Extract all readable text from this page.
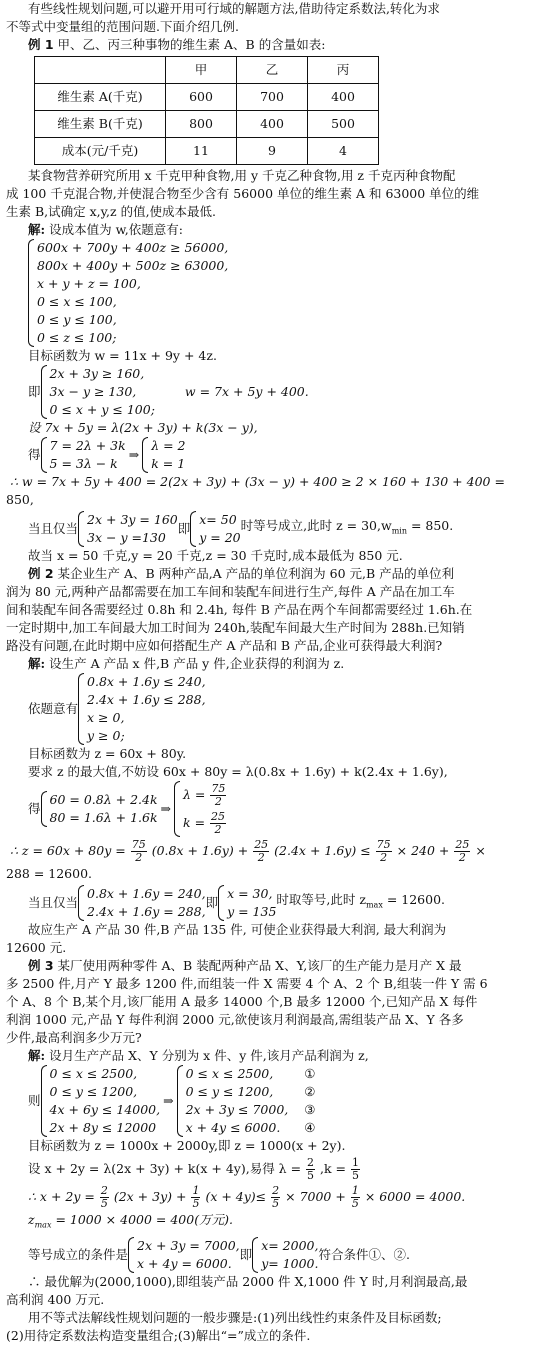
有些线性规划问题,可以避开用可行域的解题方法,借助待定系数法,转化为求

不等式中变量组的范围问题.下面介绍几例.

例 1 甲、乙、丙三种事物的维生素 A、B 的含量如表:

	甲	乙	丙
维生素 A(千克)	600	700	400
维生素 B(千克)	800	400	500
成本(元/千克)	11	9	4

某食物营养研究所用 x 千克甲种食物,用 y 千克乙种食物,用 z 千克丙种食物配

成 100 千克混合物,并使混合物至少含有 56000 单位的维生素 A 和 63000 单位的维

生素 B,试确定 x,y,z 的值,使成本最低.

解: 设成本值为 w,依题意有:

600x + 700y + 400z ≥ 56000,
800x + 400y + 500z ≥ 63000,
x + y + z = 100,
0 ≤ x ≤ 100,
0 ≤ y ≤ 100,
0 ≤ z ≤ 100;

目标函数为 w = 11x + 9y + 4z.

即
2x + 3y ≥ 160,
3x − y ≥ 130,
0 ≤ x + y ≤ 100;
w = 7x + 5y + 400.

设 7x + 5y = λ(2x + 3y) + k(3x − y),

得
7 = 2λ + 3k
5 = 3λ − k
⇒
λ = 2
k = 1

∴ w = 7x + 5y + 400 = 2(2x + 3y) + (3x − y) + 400 ≥ 2 × 160 + 130 + 400 =

850,

当且仅当
2x + 3y = 160
3x − y =130
即
x= 50
y = 20
时等号成立,此时 $z = 30,w_{min} = 850$.

故当 x = 50 千克,y = 20 千克,z = 30 千克时,成本最低为 850 元.

例 2 某企业生产 A、B 两种产品,A 产品的单位利润为 60 元,B 产品的单位利

润为 80 元,两种产品都需要在加工车间和装配车间进行生产,每件 A 产品在加工车

间和装配车间各需要经过 0.8h 和 2.4h, 每件 B 产品在两个车间都需要经过 1.6h.在

一定时期中,加工车间最大加工时间为 240h,装配车间最大生产时间为 288h.已知销

路没有问题,在此时期中应如何搭配生产 A 产品和 B 产品,企业可获得最大利润?

解: 设生产 A 产品 x 件,B 产品 y 件,企业获得的利润为 z.

依题意有
0.8x + 1.6y ≤ 240,
2.4x + 1.6y ≤ 288,
x ≥ 0,
y ≥ 0;

目标函数为 z = 60x + 80y.

要求 z 的最大值,不妨设 60x + 80y = λ(0.8x + 1.6y) + k(2.4x + 1.6y),

得
60 = 0.8λ + 2.4k
80 = 1.6λ + 1.6k
⇒
$\lambda = \frac{75}{2}$
$k = \frac{25}{2}$

∴ $z = 60x + 80y = \frac{75}{2} (0.8x + 1.6y) + \frac{25}{2} (2.4x + 1.6y) \le \frac{75}{2} \times 240 + \frac{25}{2}$ ×

288 = 12600.

当且仅当
0.8x + 1.6y = 240,
2.4x + 1.6y = 288,
即
x = 30,
y = 135
时取等号,此时 $z_{max} = 12600$.

故应生产 A 产品 30 件,B 产品 135 件, 可使企业获得最大利润, 最大利润为

12600 元.

例 3 某厂使用两种零件 A、B 装配两种产品 X、Y,该厂的生产能力是月产 X 最

多 2500 件,月产 Y 最多 1200 件,而组装一件 X 需要 4 个 A、2 个 B,组装一件 Y 需 6

个 A、8 个 B,某个月,该厂能用 A 最多 14000 个,B 最多 12000 个,已知产品 X 每件

利润 1000 元,产品 Y 每件利润 2000 元,欲使该月利润最高,需组装产品 X、Y 各多

少件,最高利润多少万元?

解: 设月生产产品 X、Y 分别为 x 件、y 件,该月产品利润为 z,

则
0 ≤ x ≤ 2500,
0 ≤ y ≤ 1200,
4x + 6y ≤ 14000,
2x + 8y ≤ 12000
⇒
0 ≤ x ≤ 2500,
0 ≤ y ≤ 1200,
2x + 3y ≤ 7000,
x + 4y ≤ 6000.
①
②
③
④

目标函数为 z = 1000x + 2000y,即 z = 1000(x + 2y).

设 x + 2y = λ(2x + 3y) + k(x + 4y),易得 $\lambda = \frac{2}{5} ,k = \frac{1}{5}$

∴ $x + 2y = \frac{2}{5} (2x + 3y) + \frac{1}{5} (x + 4y)\le \frac{2}{5} \times 7000 + \frac{1}{5} \times 6000 = 4000$.

$z_{max} = 1000 \times 4000 = 400$(万元).

等号成立的条件是
2x + 3y = 7000,
x + 4y = 6000.
即
x= 2000,
y= 1000.
符合条件①、②.

∴ 最优解为(2000,1000),即组装产品 2000 件 X,1000 件 Y 时,月利润最高,最

高利润 400 万元.

用不等式法解线性规划问题的一般步骤是:(1)列出线性约束条件及目标函数;

(2)用待定系数法构造变量组合;(3)解出“=”成立的条件.
